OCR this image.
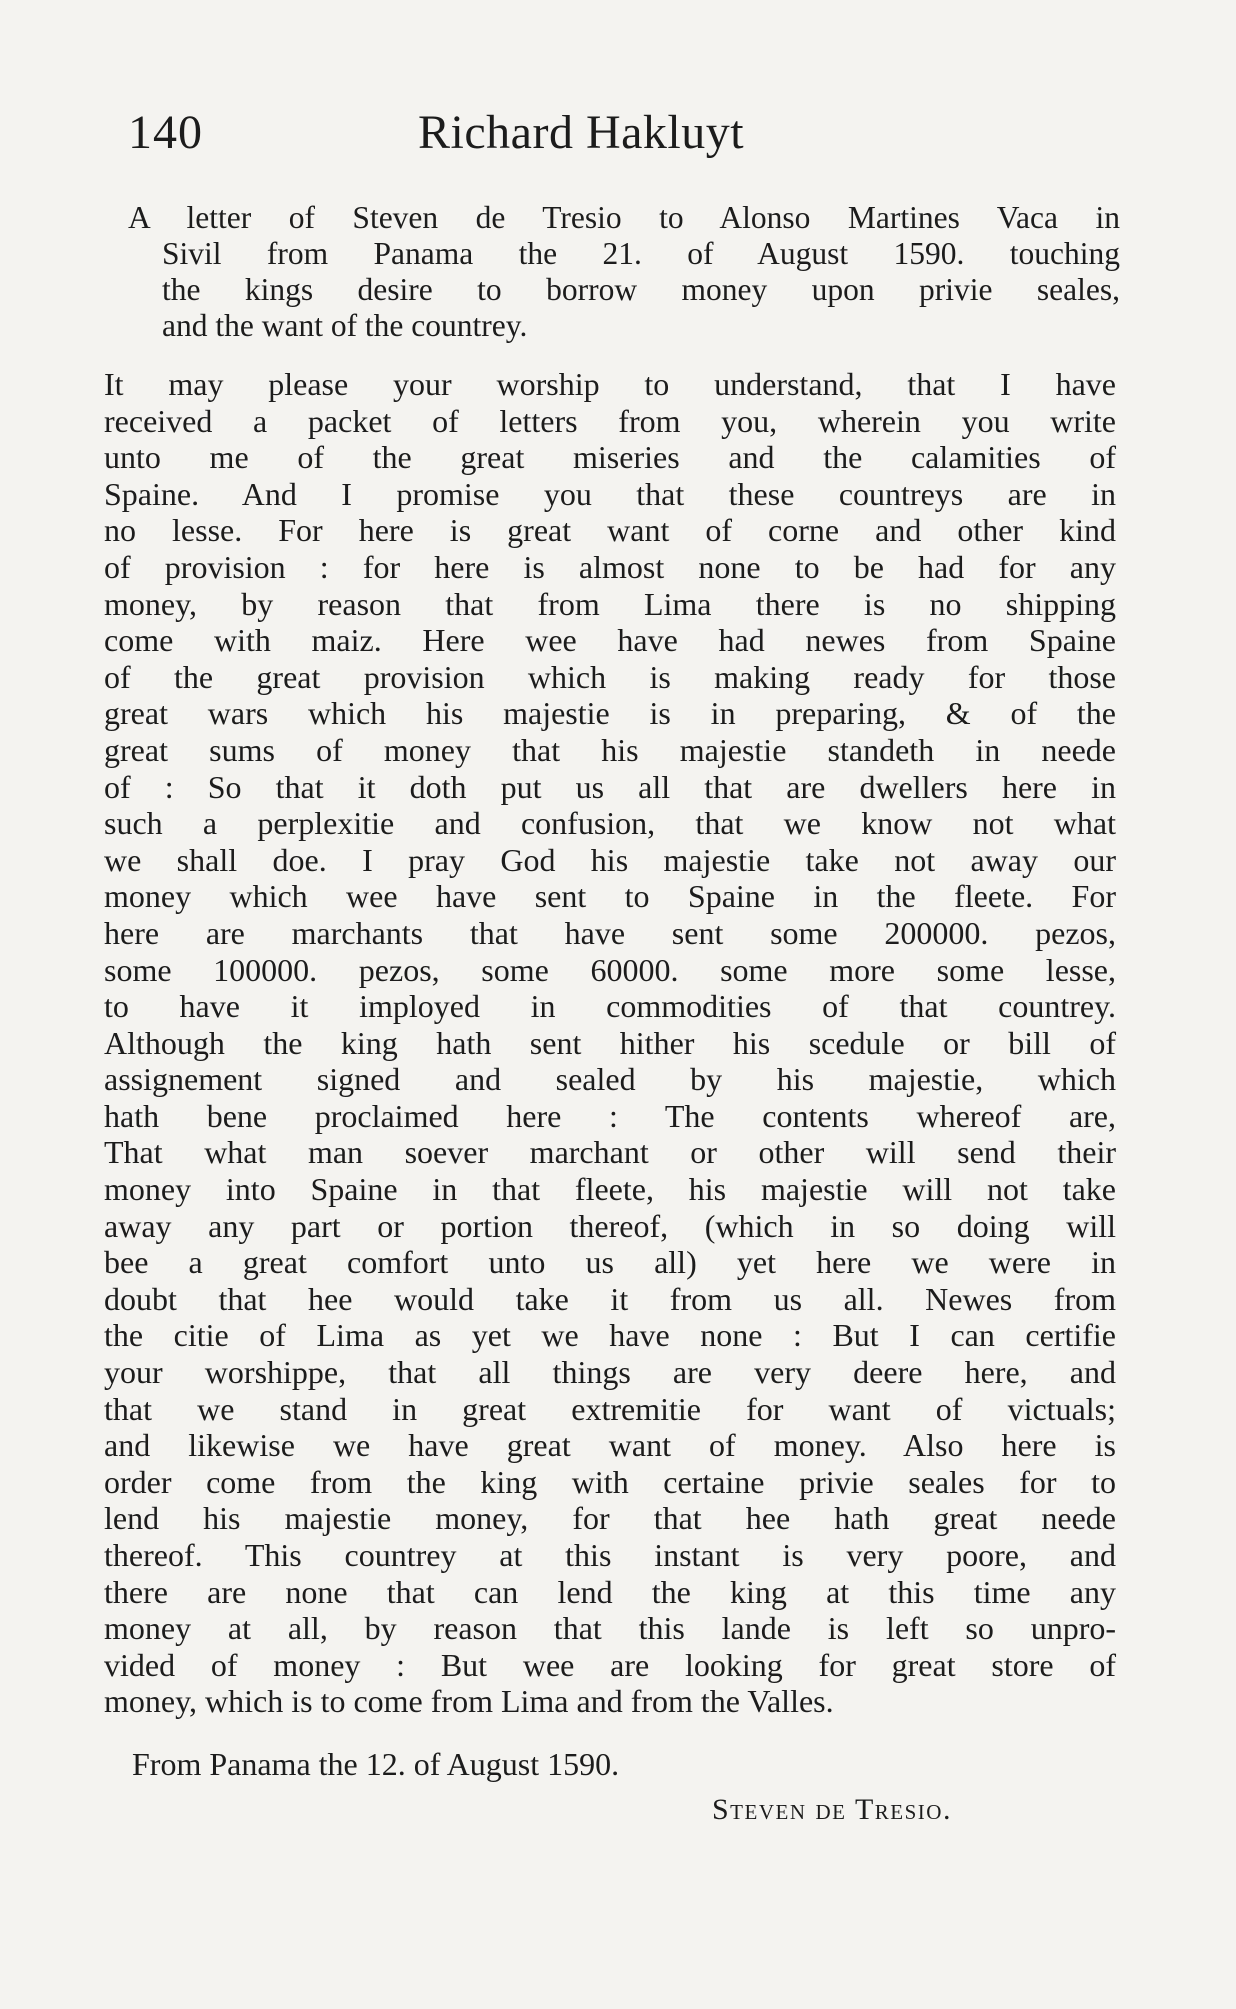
140	Richard Hakluyt
A letter of Steven de Tresio to Alonso Martines Vaca in
Sivil from Panama the 21. of August 1590. touching
the kings desire to borrow money upon privie seales,
and the want of the countrey.
It may please your worship to understand, that I have
received a packet of letters from you, wherein you write
unto me of the great miseries and the calamities of
Spaine. And I promise you that these countreys are in
no lesse. For here is great want of corne and other kind
of provision : for here is almost none to be had for any
money, by reason that from Lima there is no shipping
come with maiz. Here wee have had newes from Spaine
of the great provision which is making ready for those
great wars which his majestie is in preparing, & of the
great sums of money that his majestie standeth in neede
of : So that it doth put us all that are dwellers here in
such a perplexitie and confusion, that we know not what
we shall doe. I pray God his majestie take not away our
money which wee have sent to Spaine in the fleete. For
here are marchants that have sent some 200000. pezos,
some 100000. pezos, some 60000. some more some lesse,
to have it imployed in commodities of that countrey.
Although the king hath sent hither his scedule or bill of
assignement signed and sealed by his majestie, which
hath bene proclaimed here : The contents whereof are,
That what man soever marchant or other will send their
money into Spaine in that fleete, his majestie will not take
away any part or portion thereof, (which in so doing will
bee a great comfort unto us all) yet here we were in
doubt that hee would take it from us all. Newes from
the citie of Lima as yet we have none : But I can certifie
your worshippe, that all things are very deere here, and
that we stand in great extremitie for want of victuals;
and likewise we have great want of money. Also here is
order come from the king with certaine privie seales for to
lend his majestie money, for that hee hath great neede
thereof. This countrey at this instant is very poore, and
there are none that can lend the king at this time any
money at all, by reason that this lande is left so unpro-
vided of money : But wee are looking for great store of
money, which is to come from Lima and from the Valles.
From Panama the 12. of August 1590.
Steven de Tresio.
